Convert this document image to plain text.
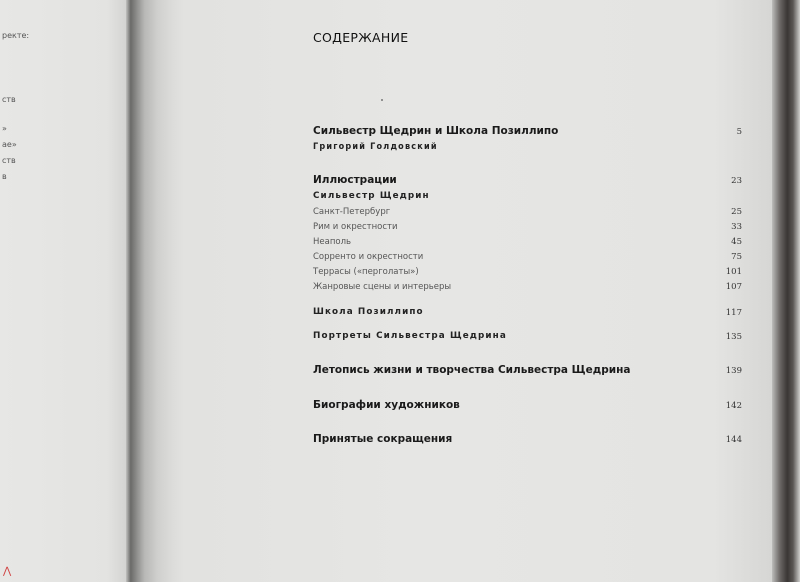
ректе:
ств
»
ае»
ств
в
⋀
СОДЕРЖАНИЕ
Сильвестр Щедрин и Школа Позиллипо	5
Григорий Голдовский
Иллюстрации	23
Сильвестр Щедрин
Санкт-Петербург	25
Рим и окрестности	33
Неаполь	45
Сорренто и окрестности	75
Террасы («перголаты»)	101
Жанровые сцены и интерьеры	107
Школа Позиллипо	117
Портреты Сильвестра Щедрина	135
Летопись жизни и творчества Сильвестра Щедрина	139
Биографии художников	142
Принятые сокращения	144
